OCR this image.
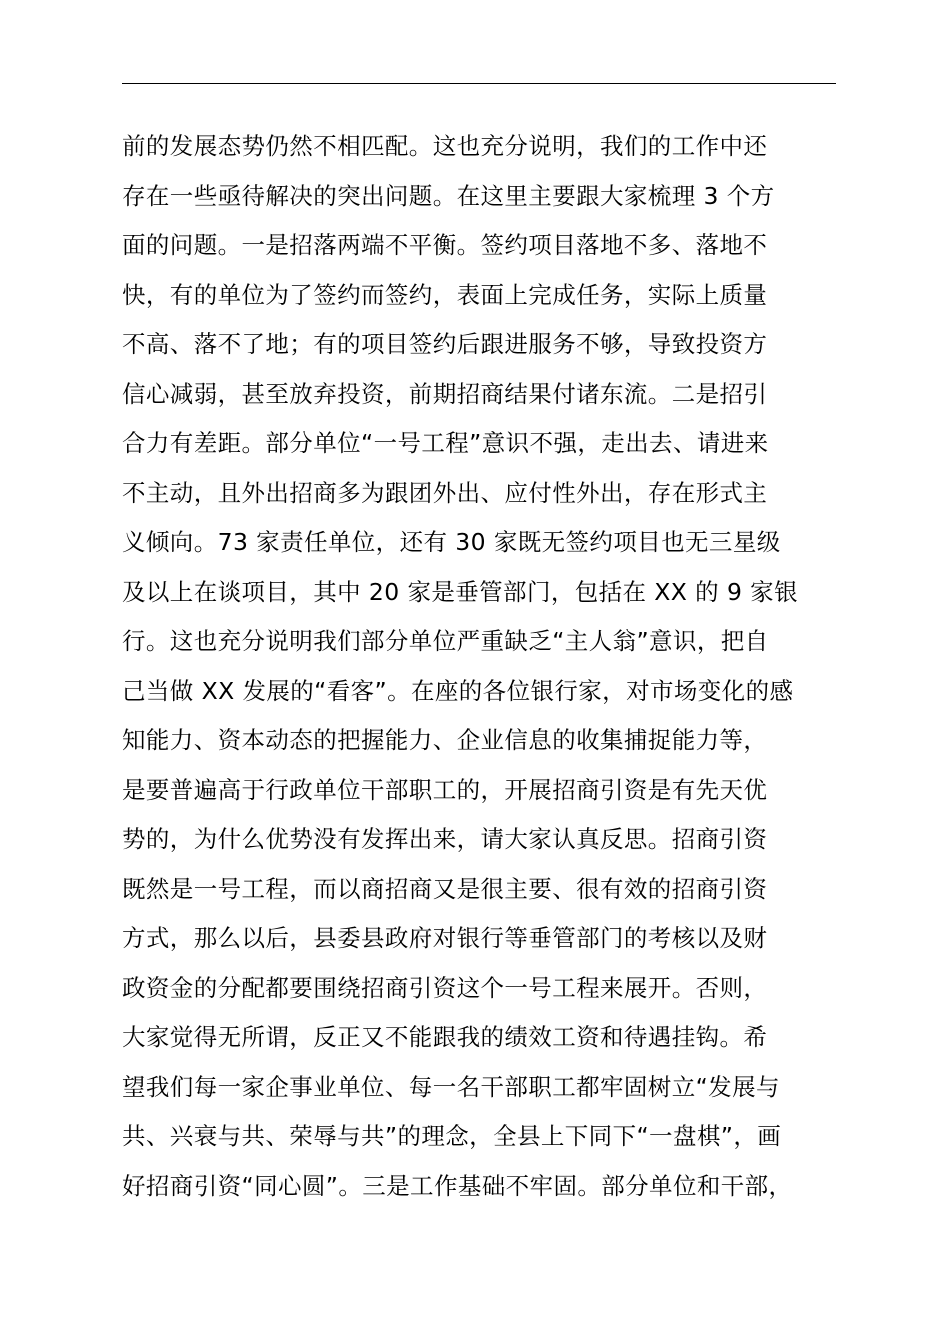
前的发展态势仍然不相匹配。这也充分说明，我们的工作中还
存在一些亟待解决的突出问题。在这里主要跟大家梳理 3 个方
面的问题。一是招落两端不平衡。签约项目落地不多、落地不
快，有的单位为了签约而签约，表面上完成任务，实际上质量
不高、落不了地；有的项目签约后跟进服务不够，导致投资方
信心减弱，甚至放弃投资，前期招商结果付诸东流。二是招引
合力有差距。部分单位“一号工程”意识不强，走出去、请进来
不主动，且外出招商多为跟团外出、应付性外出，存在形式主
义倾向。73 家责任单位，还有 30 家既无签约项目也无三星级
及以上在谈项目，其中 20 家是垂管部门，包括在 XX 的 9 家银
行。这也充分说明我们部分单位严重缺乏“主人翁”意识，把自
己当做 XX 发展的“看客”。在座的各位银行家，对市场变化的感
知能力、资本动态的把握能力、企业信息的收集捕捉能力等，
是要普遍高于行政单位干部职工的，开展招商引资是有先天优
势的，为什么优势没有发挥出来，请大家认真反思。招商引资
既然是一号工程，而以商招商又是很主要、很有效的招商引资
方式，那么以后，县委县政府对银行等垂管部门的考核以及财
政资金的分配都要围绕招商引资这个一号工程来展开。否则，
大家觉得无所谓，反正又不能跟我的绩效工资和待遇挂钩。希
望我们每一家企事业单位、每一名干部职工都牢固树立“发展与
共、兴衰与共、荣辱与共”的理念，全县上下同下“一盘棋”，画
好招商引资“同心圆”。三是工作基础不牢固。部分单位和干部，
